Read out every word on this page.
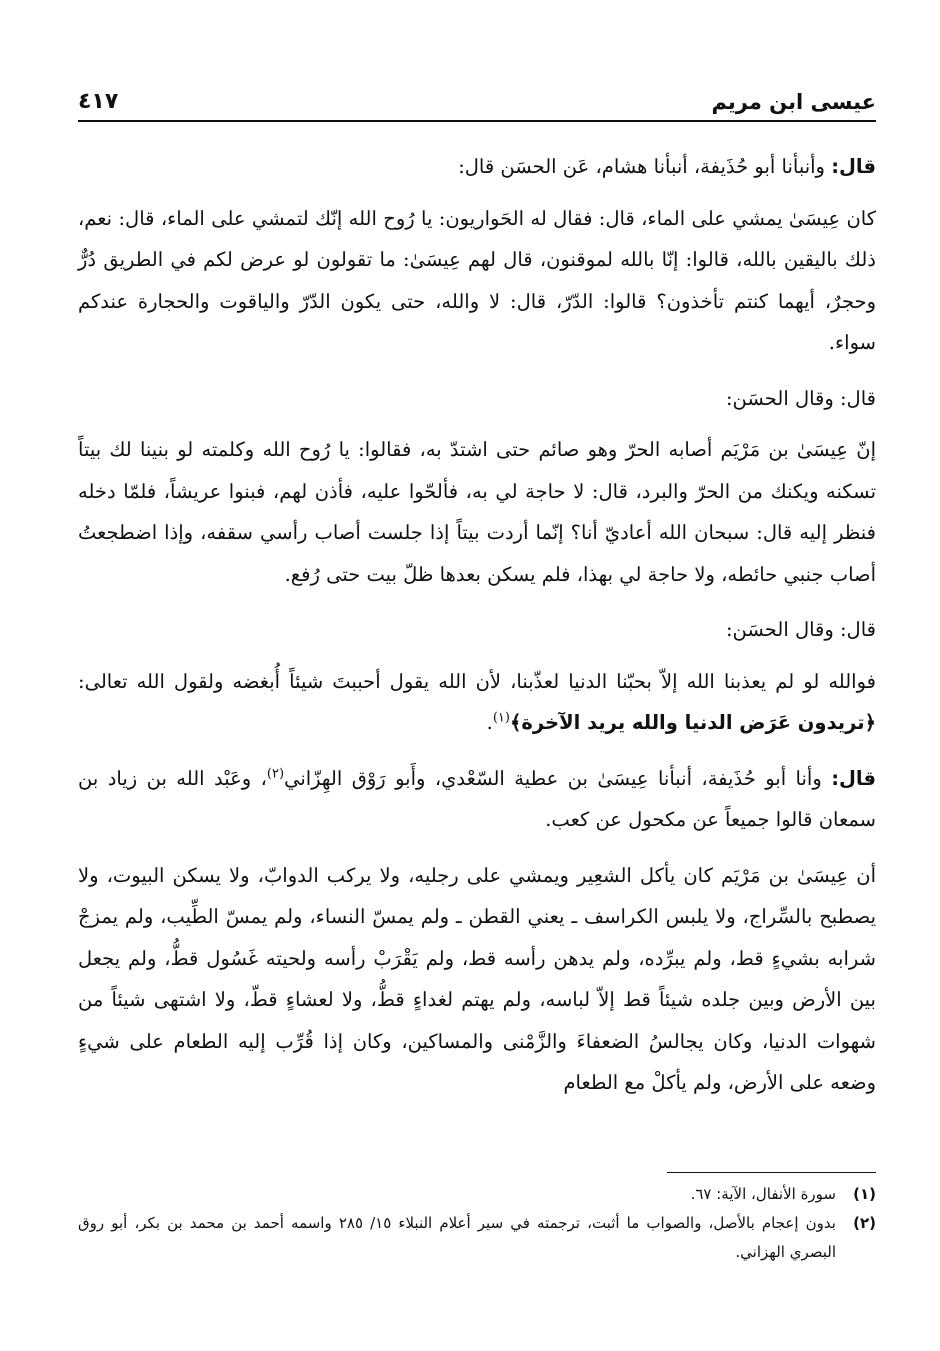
عيسى ابن مريم
٤١٧

قال: وأنبأنا أبو حُذَيفة، أنبأنا هشام، عَن الحسَن قال:

كان عِيسَىٰ يمشي على الماء، قال: فقال له الحَواريون: يا رُوح الله إنّك لتمشي على الماء، قال: نعم، ذلك باليقين بالله، قالوا: إنّا بالله لموقنون، قال لهم عِيسَىٰ: ما تقولون لو عرض لكم في الطريق دُرٌّ وحجرٌ، أيهما كنتم تأخذون؟ قالوا: الدّرّ، قال: لا والله، حتى يكون الدّرّ والياقوت والحجارة عندكم سواء.

قال: وقال الحسَن:

إنّ عِيسَىٰ بن مَرْيَم أصابه الحرّ وهو صائم حتى اشتدّ به، فقالوا: يا رُوح الله وكلمته لو بنينا لك بيتاً تسكنه ويكنك من الحرّ والبرد، قال: لا حاجة لي به، فألحّوا عليه، فأذن لهم، فبنوا عريشاً، فلمّا دخله فنظر إليه قال: سبحان الله أعاديّ أنا؟ إنّما أردت بيتاً إذا جلست أصاب رأسي سقفه، وإذا اضطجعتُ أصاب جنبي حائطه، ولا حاجة لي بهذا، فلم يسكن بعدها ظلّ بيت حتى رُفع.

قال: وقال الحسَن:

فوالله لو لم يعذبنا الله إلاّ بحبّنا الدنيا لعذّبنا، لأن الله يقول أحببتَ شيئاً أُبغضه ولقول الله تعالى: ﴿تريدون عَرَض الدنيا والله يريد الآخرة﴾$^{(١)}$.

قال: وأنا أبو حُذَيفة، أنبأنا عِيسَىٰ بن عطية السّعْدي، وأَبو رَوْق الهِزّاني$^{(٢)}$، وعَبْد الله بن زياد بن سمعان قالوا جميعاً عن مكحول عن كعب.

أن عِيسَىٰ بن مَرْيَم كان يأكل الشعِير ويمشي على رجليه، ولا يركب الدوابّ، ولا يسكن البيوت، ولا يصطبح بالسِّراج، ولا يلبس الكراسف ـ يعني القطن ـ ولم يمسّ النساء، ولم يمسّ الطِّيب، ولم يمزجْ شرابه بشيءٍ قط، ولم يبرِّده، ولم يدهن رأسه قط، ولم يَقْرَبْ رأسه ولحيته غَسُول قطُّ، ولم يجعل بين الأرض وبين جلده شيئاً قط إلاّ لباسه، ولم يهتم لغداءٍ قطُّ، ولا لعشاءٍ قطّ، ولا اشتهى شيئاً من شهوات الدنيا، وكان يجالسُ الضعفاءَ والزَّمْنى والمساكين، وكان إذا قُرِّب إليه الطعام على شيءٍ وضعه على الأرض، ولم يأكلْ مع الطعام

(١)
سورة الأنفال، الآية: ٦٧.

(٢)
بدون إعجام بالأصل، والصواب ما أثبت، ترجمته في سير أعلام النبلاء ١٥/ ٢٨٥ واسمه أحمد بن محمد بن بكر، أبو روق البصري الهزاني.
